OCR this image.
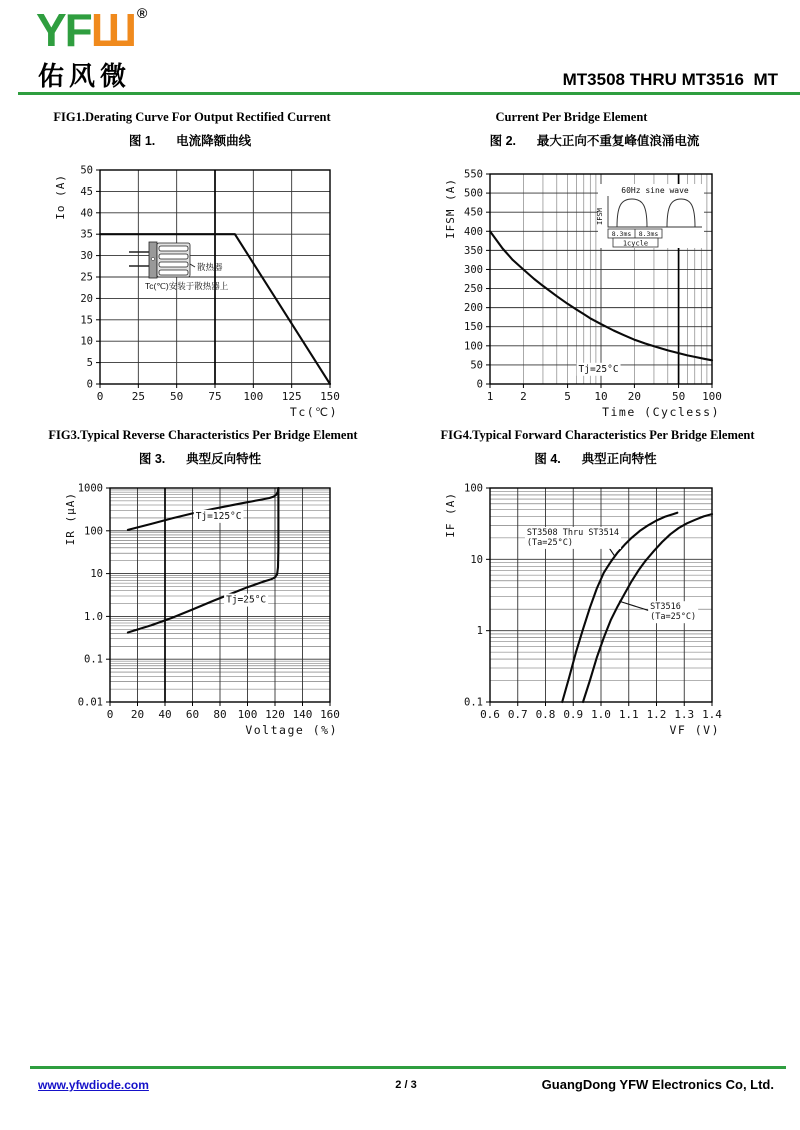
YFШ ®
佑风微	MT3508 THRU MT3516  MT
FIG1.Derating Curve For Output Rectified Current
图 1.      电流降额曲线
0	25 50 75 100 125 150
0
5
10
15
20
25
30
35
40
45
50
Tc(℃)
Io (A)
散热器
Tc(℃)安装于散热器上
Current Per Bridge Element
图 2.      最大正向不重复峰值浪涌电流
1 2	5 10 20	50 100
0
50
100
150
200
250
300
350
400
450
500
550
Time (Cycless)
IFSM (A)	60Hz sine wave
IFSM
8.3ms 8.3ms
1cycle
Tj=25°C
FIG3.Typical Reverse Characteristics Per Bridge Element
图 3.      典型反向特性
0 20 40 60 80 100 120 140 160
0.01
0.1
1.0
10
100
1000
Voltage (%)
IR (μA)	Tj=125°C
Tj=25°C
FIG4.Typical Forward Characteristics Per Bridge Element
图 4.      典型正向特性
0.6 0.7 0.8 0.9 1.0 1.1 1.2 1.3 1.4
0.1
1
10
100
VF (V)
IF (A)	ST3508 Thru ST3514 (Ta=25°C)
ST3516 (Ta=25°C)
www.yfwdiode.com	2 / 3	GuangDong YFW Electronics Co, Ltd.
